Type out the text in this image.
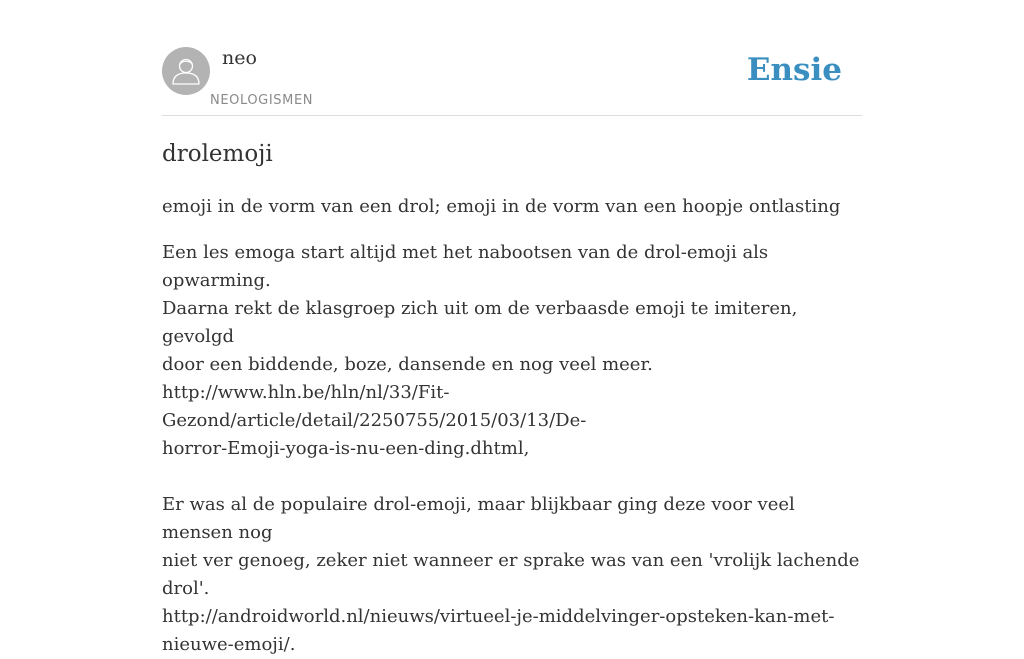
neo
NEOLOGISMEN
Ensie
drolemoji
emoji in de vorm van een drol; emoji in de vorm van een hoopje ontlasting
Een les emoga start altijd met het nabootsen van de drol-emoji als opwarming.
Daarna rekt de klasgroep zich uit om de verbaasde emoji te imiteren, gevolgd
door een biddende, boze, dansende en nog veel meer.
http://www.hln.be/hln/nl/33/Fit-Gezond/article/detail/2250755/2015/03/13/De-
horror-Emoji-yoga-is-nu-een-ding.dhtml,
Er was al de populaire drol-emoji, maar blijkbaar ging deze voor veel mensen nog
niet ver genoeg, zeker niet wanneer er sprake was van een 'vrolijk lachende drol'.
http://androidworld.nl/nieuws/virtueel-je-middelvinger-opsteken-kan-met-
nieuwe-emoji/.
